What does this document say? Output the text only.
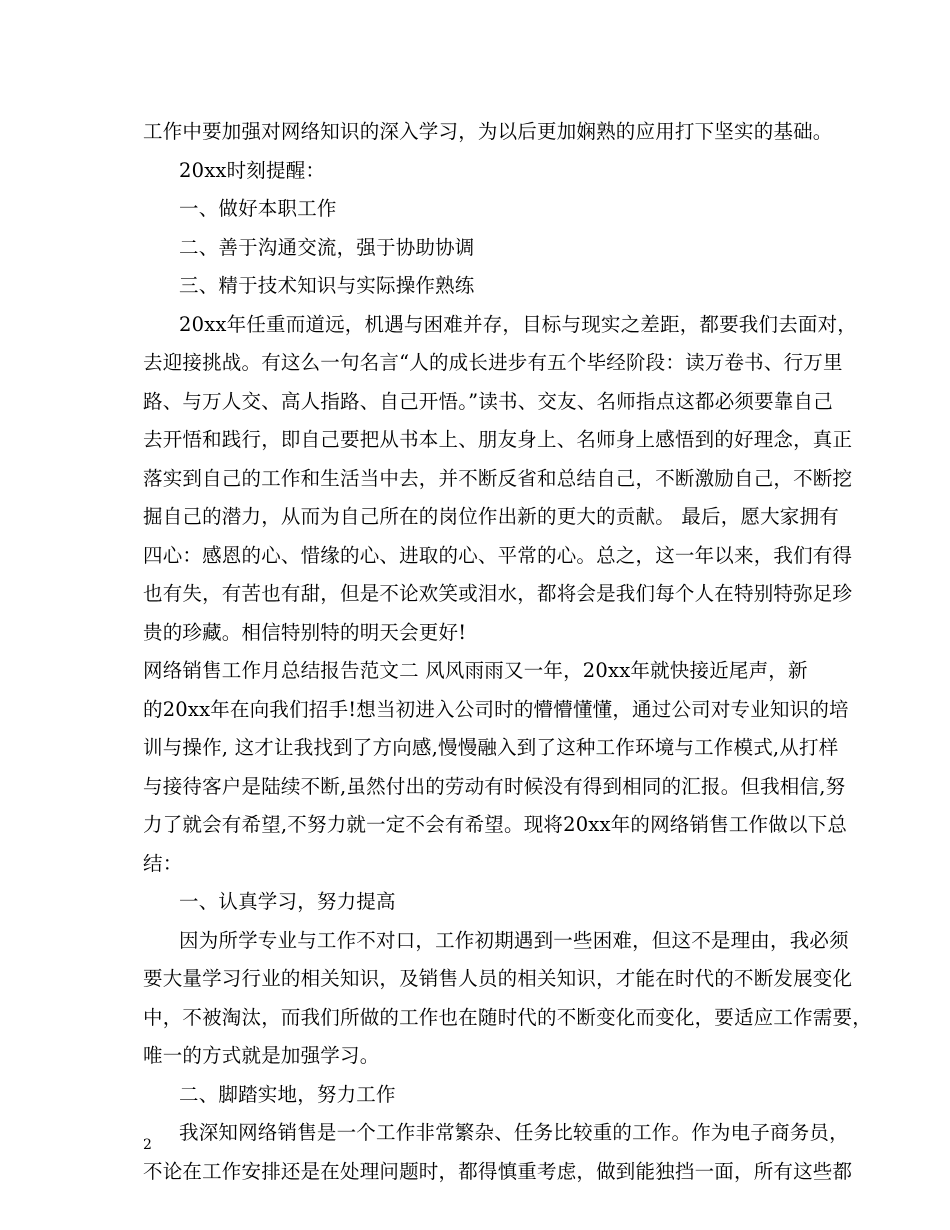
工作中要加强对网络知识的深入学习，为以后更加娴熟的应用打下坚实的基础。
20xx时刻提醒：
一、做好本职工作
二、善于沟通交流，强于协助协调
三、精于技术知识与实际操作熟练
20xx年任重而道远，机遇与困难并存，目标与现实之差距，都要我们去面对，
去迎接挑战。有这么一句名言“人的成长进步有五个毕经阶段：读万卷书、行万里
路、与万人交、高人指路、自己开悟。”读书、交友、名师指点这都必须要靠自己
去开悟和践行，即自己要把从书本上、朋友身上、名师身上感悟到的好理念，真正
落实到自己的工作和生活当中去，并不断反省和总结自己，不断激励自己，不断挖
掘自己的潜力，从而为自己所在的岗位作出新的更大的贡献。 最后，愿大家拥有
四心：感恩的心、惜缘的心、进取的心、平常的心。总之，这一年以来，我们有得
也有失，有苦也有甜，但是不论欢笑或泪水，都将会是我们每个人在特别特弥足珍
贵的珍藏。相信特别特的明天会更好!
网络销售工作月总结报告范文二 风风雨雨又一年，20xx年就快接近尾声，新
的20xx年在向我们招手!想当初进入公司时的懵懵懂懂，通过公司对专业知识的培
训与操作, 这才让我找到了方向感,慢慢融入到了这种工作环境与工作模式,从打样
与接待客户是陆续不断,虽然付出的劳动有时候没有得到相同的汇报。但我相信,努
力了就会有希望,不努力就一定不会有希望。现将20xx年的网络销售工作做以下总
结：
一、认真学习，努力提高
因为所学专业与工作不对口，工作初期遇到一些困难，但这不是理由，我必须
要大量学习行业的相关知识，及销售人员的相关知识，才能在时代的不断发展变化
中，不被淘汰，而我们所做的工作也在随时代的不断变化而变化，要适应工作需要，
唯一的方式就是加强学习。
二、脚踏实地，努力工作
我深知网络销售是一个工作非常繁杂、任务比较重的工作。作为电子商务员，
不论在工作安排还是在处理问题时，都得慎重考虑，做到能独挡一面，所有这些都
2
